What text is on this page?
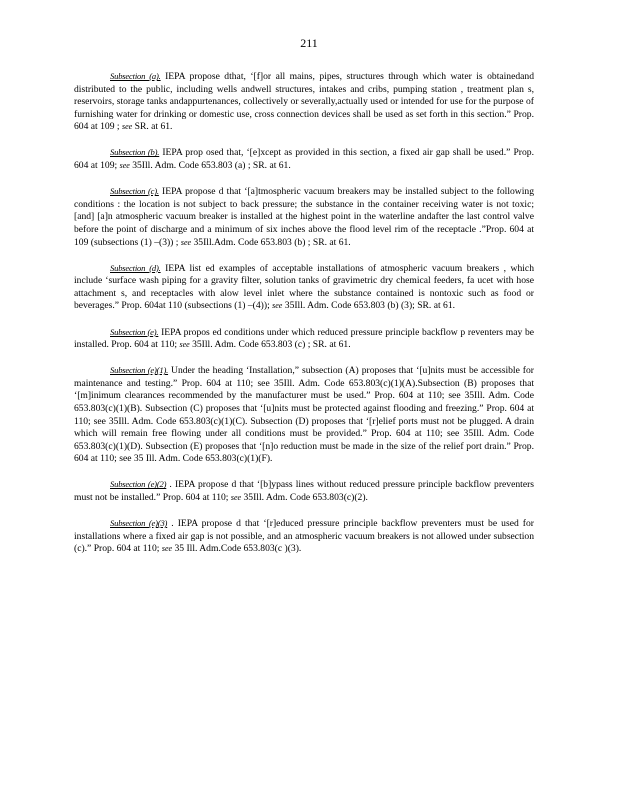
211

Subsection (a). IEPA propose dthat, ‘[f]or all mains, pipes, structures through which water is obtainedand distributed to the public, including wells andwell structures, intakes and cribs, pumping station , treatment plan s, reservoirs, storage tanks andappurtenances, collectively or severally,actually used or intended for use for the purpose of furnishing water for drinking or domestic use, cross connection devices shall be used as set forth in this section.” Prop. 604 at 109 ; see SR. at 61.

Subsection (b). IEPA prop osed that, ‘[e]xcept as provided in this section, a fixed air gap shall be used.” Prop. 604 at 109; see 35Ill. Adm. Code 653.803 (a) ; SR. at 61.

Subsection (c). IEPA propose d that ‘[a]tmospheric vacuum breakers may be installed subject to the following conditions : the location is not subject to back pressure; the substance in the container receiving water is not toxic; [and] [a]n atmospheric vacuum breaker is installed at the highest point in the waterline andafter the last control valve before the point of discharge and a minimum of six inches above the flood level rim of the receptacle .”Prop. 604 at 109 (subsections (1) –(3)) ; see 35Ill.Adm. Code 653.803 (b) ; SR. at 61.

Subsection (d). IEPA list ed examples of acceptable installations of atmospheric vacuum breakers , which include ‘surface wash piping for a gravity filter, solution tanks of gravimetric dry chemical feeders, fa ucet with hose attachment s, and receptacles with alow level inlet where the substance contained is nontoxic such as food or beverages.” Prop. 604at 110 (subsections (1) –(4)); see 35Ill. Adm. Code 653.803 (b) (3); SR. at 61.

Subsection (e). IEPA propos ed conditions under which reduced pressure principle backflow p reventers may be installed. Prop. 604 at 110; see 35Ill. Adm. Code 653.803 (c) ; SR. at 61.

Subsection (e)(1). Under the heading ‘Installation,” subsection (A) proposes that ‘[u]nits must be accessible for maintenance and testing.” Prop. 604 at 110; see 35Ill. Adm. Code 653.803(c)(1)(A).Subsection (B) proposes that ‘[m]inimum clearances recommended by the manufacturer must be used.” Prop. 604 at 110; see 35Ill. Adm. Code 653.803(c)(1)(B). Subsection (C) proposes that ‘[u]nits must be protected against flooding and freezing.” Prop. 604 at 110; see 35Ill. Adm. Code 653.803(c)(1)(C). Subsection (D) proposes that ‘[r]elief ports must not be plugged. A drain which will remain free flowing under all conditions must be provided.” Prop. 604 at 110; see 35Ill. Adm. Code 653.803(c)(1)(D). Subsection (E) proposes that ‘[n]o reduction must be made in the size of the relief port drain.” Prop. 604 at 110; see 35 Ill. Adm. Code 653.803(c)(1)(F).

Subsection (e)(2) . IEPA propose d that ‘[b]ypass lines without reduced pressure principle backflow preventers must not be installed.” Prop. 604 at 110; see 35Ill. Adm. Code 653.803(c)(2).

Subsection (e)(3) . IEPA propose d that ‘[r]educed pressure principle backflow preventers must be used for installations where a fixed air gap is not possible, and an atmospheric vacuum breakers is not allowed under subsection (c).” Prop. 604 at 110; see 35 Ill. Adm.Code 653.803(c )(3).
